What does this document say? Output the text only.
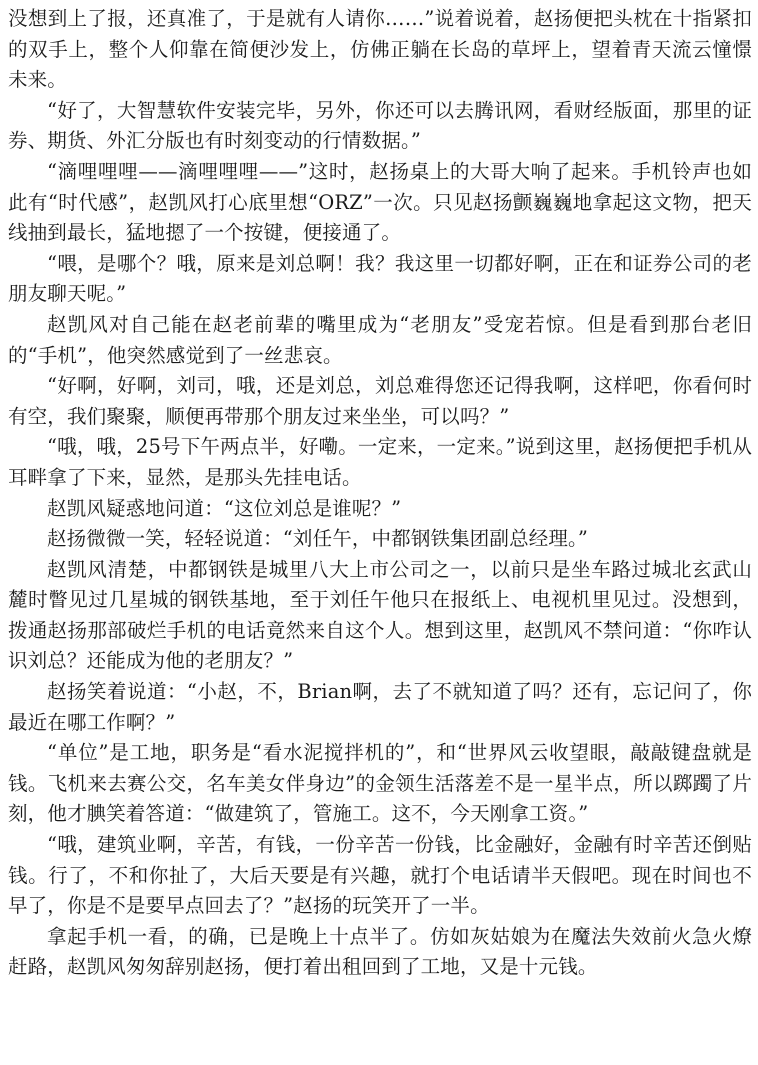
没想到上了报，还真准了，于是就有人请你……”说着说着，赵扬便把头枕在十指紧扣的双手上，整个人仰靠在简便沙发上，仿佛正躺在长岛的草坪上，望着青天流云憧憬未来。

“好了，大智慧软件安装完毕，另外，你还可以去腾讯网，看财经版面，那里的证券、期货、外汇分版也有时刻变动的行情数据。”

“滴哩哩哩——滴哩哩哩——”这时，赵扬桌上的大哥大响了起来。手机铃声也如此有“时代感”，赵凯风打心底里想“ORZ”一次。只见赵扬颤巍巍地拿起这文物，把天线抽到最长，猛地摁了一个按键，便接通了。

“喂，是哪个？哦，原来是刘总啊！我？我这里一切都好啊，正在和证券公司的老朋友聊天呢。”

赵凯风对自己能在赵老前辈的嘴里成为“老朋友”受宠若惊。但是看到那台老旧的“手机”，他突然感觉到了一丝悲哀。

“好啊，好啊，刘司，哦，还是刘总，刘总难得您还记得我啊，这样吧，你看何时有空，我们聚聚，顺便再带那个朋友过来坐坐，可以吗？”

“哦，哦，25号下午两点半，好嘞。一定来，一定来。”说到这里，赵扬便把手机从耳畔拿了下来，显然，是那头先挂电话。

赵凯风疑惑地问道：“这位刘总是谁呢？”

赵扬微微一笑，轻轻说道：“刘任午，中都钢铁集团副总经理。”

赵凯风清楚，中都钢铁是城里八大上市公司之一，以前只是坐车路过城北玄武山麓时瞥见过几星城的钢铁基地，至于刘任午他只在报纸上、电视机里见过。没想到，拨通赵扬那部破烂手机的电话竟然来自这个人。想到这里，赵凯风不禁问道：“你咋认识刘总？还能成为他的老朋友？”

赵扬笑着说道：“小赵，不，Brian啊，去了不就知道了吗？还有，忘记问了，你最近在哪工作啊？”

“单位”是工地，职务是“看水泥搅拌机的”，和“世界风云收望眼，敲敲键盘就是钱。飞机来去赛公交，名车美女伴身边”的金领生活落差不是一星半点，所以踯躅了片刻，他才腆笑着答道：“做建筑了，管施工。这不，今天刚拿工资。”

“哦，建筑业啊，辛苦，有钱，一份辛苦一份钱，比金融好，金融有时辛苦还倒贴钱。行了，不和你扯了，大后天要是有兴趣，就打个电话请半天假吧。现在时间也不早了，你是不是要早点回去了？”赵扬的玩笑开了一半。

拿起手机一看，的确，已是晚上十点半了。仿如灰姑娘为在魔法失效前火急火燎赶路，赵凯风匆匆辞别赵扬，便打着出租回到了工地，又是十元钱。
